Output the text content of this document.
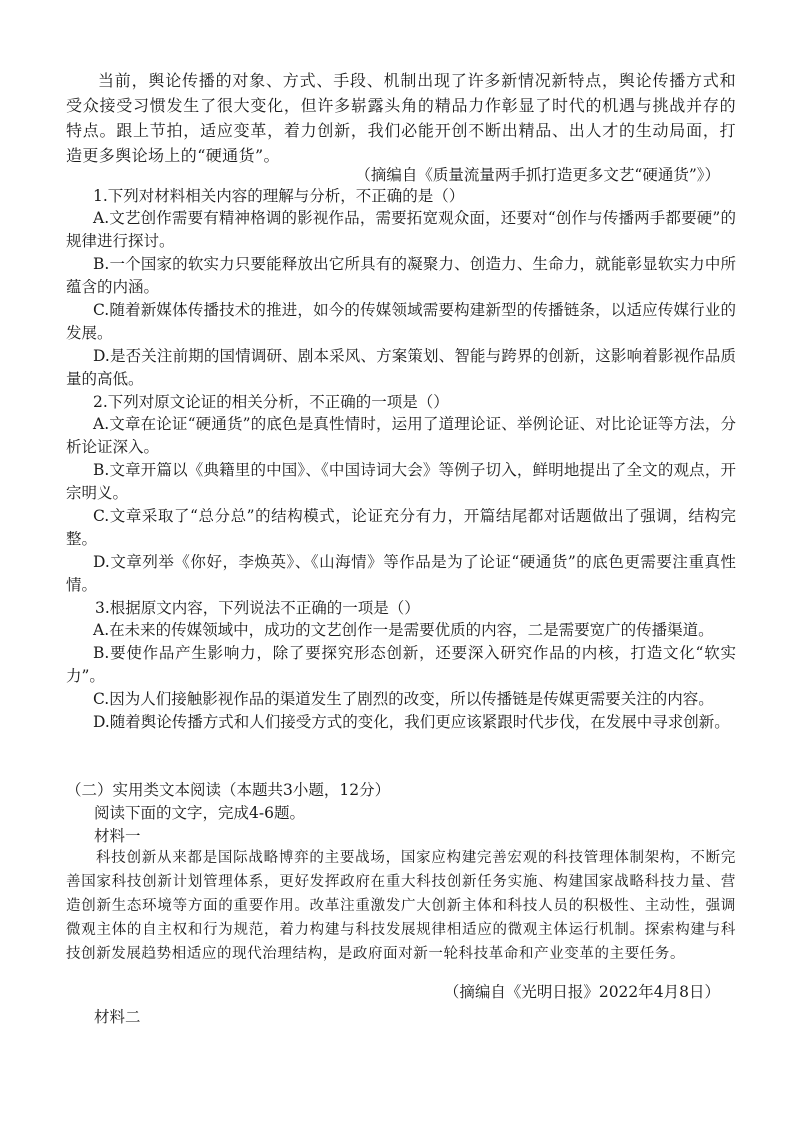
当前，舆论传播的对象、方式、手段、机制出现了许多新情况新特点，舆论传播方式和受众接受习惯发生了很大变化，但许多崭露头角的精品力作彰显了时代的机遇与挑战并存的特点。跟上节拍，适应变革，着力创新，我们必能开创不断出精品、出人才的生动局面，打造更多舆论场上的“硬通货”。
（摘编自《质量流量两手抓打造更多文艺“硬通货”》）
1.下列对材料相关内容的理解与分析，不正确的是（）
A.文艺创作需要有精神格调的影视作品，需要拓宽观众面，还要对“创作与传播两手都要硬”的规律进行探讨。
B.一个国家的软实力只要能释放出它所具有的凝聚力、创造力、生命力，就能彰显软实力中所蕴含的内涵。
C.随着新媒体传播技术的推进，如今的传媒领域需要构建新型的传播链条，以适应传媒行业的发展。
D.是否关注前期的国情调研、剧本采风、方案策划、智能与跨界的创新，这影响着影视作品质量的高低。
2.下列对原文论证的相关分析，不正确的一项是（）
A.文章在论证“硬通货”的底色是真性情时，运用了道理论证、举例论证、对比论证等方法，分析论证深入。
B.文章开篇以《典籍里的中国》、《中国诗词大会》等例子切入，鲜明地提出了全文的观点，开宗明义。
C.文章采取了“总分总”的结构模式，论证充分有力，开篇结尾都对话题做出了强调，结构完整。
D.文章列举《你好，李焕英》、《山海情》等作品是为了论证“硬通货”的底色更需要注重真性情。
3.根据原文内容，下列说法不正确的一项是（）
A.在未来的传媒领域中，成功的文艺创作一是需要优质的内容，二是需要宽广的传播渠道。
B.要使作品产生影响力，除了要探究形态创新，还要深入研究作品的内核，打造文化“软实力”。
C.因为人们接触影视作品的渠道发生了剧烈的改变，所以传播链是传媒更需要关注的内容。
D.随着舆论传播方式和人们接受方式的变化，我们更应该紧跟时代步伐，在发展中寻求创新。
（二）实用类文本阅读（本题共3小题，12分）
阅读下面的文字，完成4-6题。
材料一
科技创新从来都是国际战略博弈的主要战场，国家应构建完善宏观的科技管理体制架构，不断完善国家科技创新计划管理体系，更好发挥政府在重大科技创新任务实施、构建国家战略科技力量、营造创新生态环境等方面的重要作用。改革注重激发广大创新主体和科技人员的积极性、主动性，强调微观主体的自主权和行为规范，着力构建与科技发展规律相适应的微观主体运行机制。探索构建与科技创新发展趋势相适应的现代治理结构，是政府面对新一轮科技革命和产业变革的主要任务。
（摘编自《光明日报》2022年4月8日）
材料二
